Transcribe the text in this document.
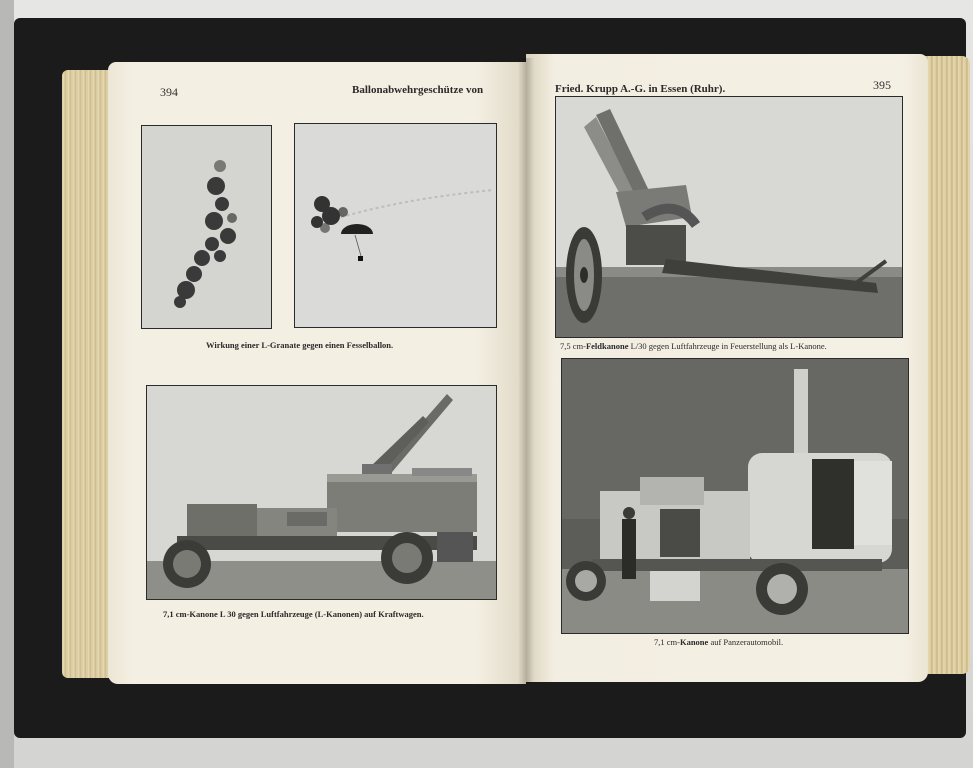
394	Ballonabwehrgeschütze von
Wirkung einer L-Granate gegen einen Fesselballon.
7,1 cm-Kanone L 30 gegen Luftfahrzeuge (L-Kanonen) auf Kraftwagen.
Fried. Krupp A.-G. in Essen (Ruhr).	395
7,5 cm-Feldkanone L/30 gegen Luftfahrzeuge in Feuerstellung als L-Kanone.
7,1 cm-Kanone auf Panzerautomobil.
